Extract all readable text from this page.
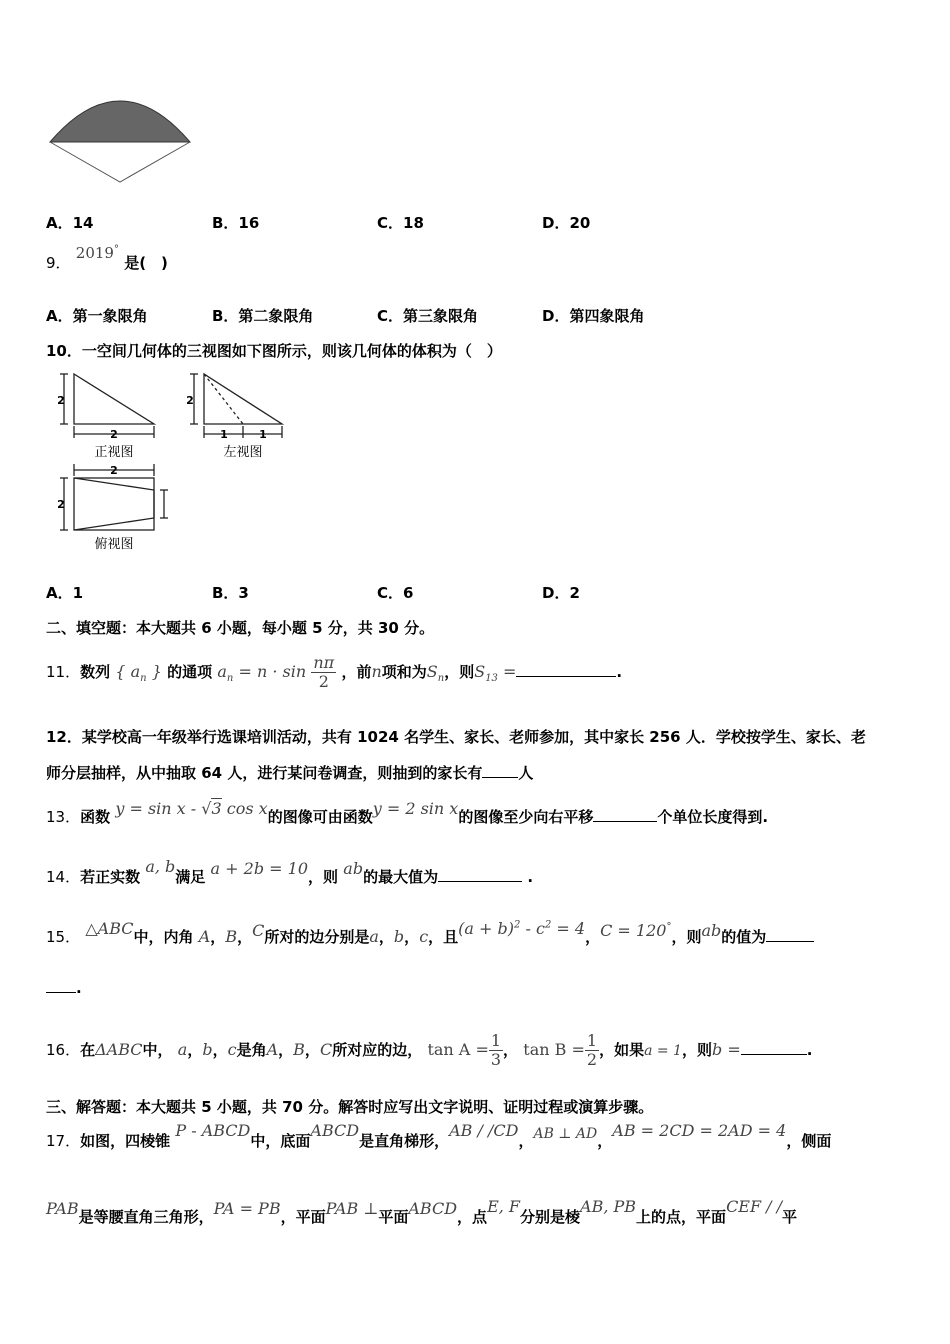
A．14	B．16	C．18	D．20
9． 2019° 是(　)
A．第一象限角	B．第二象限角	C．第三象限角	D．第四象限角
10．一空间几何体的三视图如下图所示，则该几何体的体积为（　）
2
2
正视图
2
1	1
左视图
2
2
俯视图
A．1	B．3	C．6	D．2
二、填空题：本大题共 6 小题，每小题 5 分，共 30 分。
11．数列 { $a_n$ } 的通项 $a_n = n \cdot \sin \frac{n\pi}{2}$ ，前n项和为$S_n$，则$S_{13}$ =	.
12．某学校高一年级举行选课培训活动，共有 1024 名学生、家长、老师参加，其中家长 256 人．学校按学生、家长、老
师分层抽样，从中抽取 64 人，进行某问卷调查，则抽到的家长有 人
13．函数 y = sin x - √3 cos x的图像可由函数y = 2 sin x的图像至少向右平移	个单位长度得到.
14．若正实数 a, b满足 a + 2b = 10，则 ab的最大值为	.
15． △ABC中，内角 A，B，C所对的边分别是a，b，c，且$(a + b)^2 - c^2 = 4$，C = 120°，则ab的值为
.
16．在ΔABC中， a，b，c是角A，B，C所对应的边， $\tan A = \frac{1}{3}$ ， $\tan B = \frac{1}{2}$ ，如果a = 1，则b =	.
三、解答题：本大题共 5 小题，共 70 分。解答时应写出文字说明、证明过程或演算步骤。
17．如图，四棱锥 P - ABCD中，底面ABCD是直角梯形，AB / /CD，AB ⊥ AD，AB = 2CD = 2AD = 4，侧面
PAB是等腰直角三角形，PA = PB，平面PAB ⊥平面ABCD，点E, F分别是棱AB, PB上的点，平面CEF / /平
